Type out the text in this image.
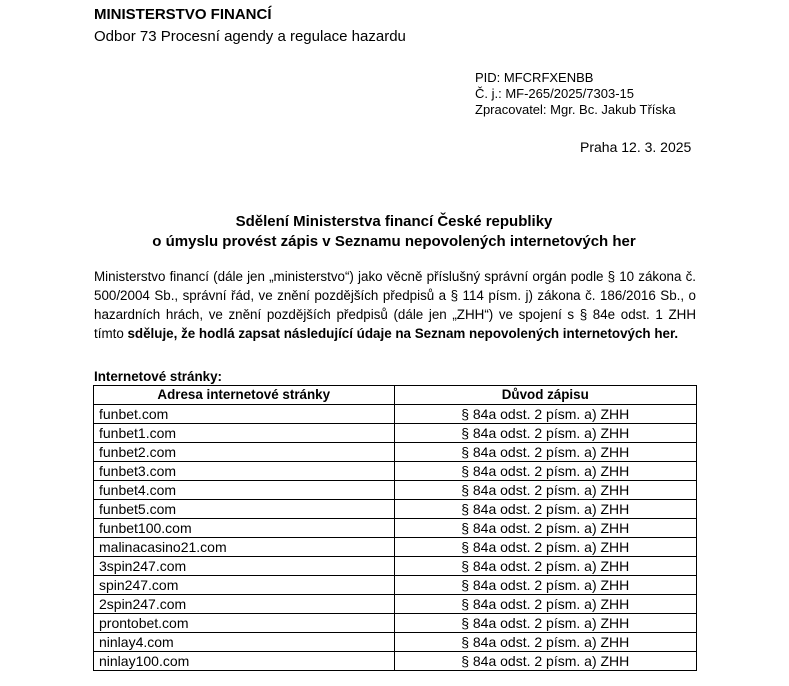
MINISTERSTVO FINANCÍ
Odbor 73 Procesní agendy a regulace hazardu
PID: MFCRFXENBB
Č. j.: MF-265/2025/7303-15
Zpracovatel: Mgr. Bc. Jakub Tříska
Praha 12. 3. 2025
Sdělení Ministerstva financí České republiky
o úmyslu provést zápis v Seznamu nepovolených internetových her
Ministerstvo financí (dále jen „ministerstvo“) jako věcně příslušný správní orgán podle § 10 zákona č. 500/2004 Sb., správní řád, ve znění pozdějších předpisů a § 114 písm. j) zákona č. 186/2016 Sb., o hazardních hrách, ve znění pozdějších předpisů (dále jen „ZHH“) ve spojení s § 84e odst. 1 ZHH tímto sděluje, že hodlá zapsat následující údaje na Seznam nepovolených internetových her.
Internetové stránky:
Adresa internetové stránky	Důvod zápisu
funbet.com	§ 84a odst. 2 písm. a) ZHH
funbet1.com	§ 84a odst. 2 písm. a) ZHH
funbet2.com	§ 84a odst. 2 písm. a) ZHH
funbet3.com	§ 84a odst. 2 písm. a) ZHH
funbet4.com	§ 84a odst. 2 písm. a) ZHH
funbet5.com	§ 84a odst. 2 písm. a) ZHH
funbet100.com	§ 84a odst. 2 písm. a) ZHH
malinacasino21.com	§ 84a odst. 2 písm. a) ZHH
3spin247.com	§ 84a odst. 2 písm. a) ZHH
spin247.com	§ 84a odst. 2 písm. a) ZHH
2spin247.com	§ 84a odst. 2 písm. a) ZHH
prontobet.com	§ 84a odst. 2 písm. a) ZHH
ninlay4.com	§ 84a odst. 2 písm. a) ZHH
ninlay100.com	§ 84a odst. 2 písm. a) ZHH
